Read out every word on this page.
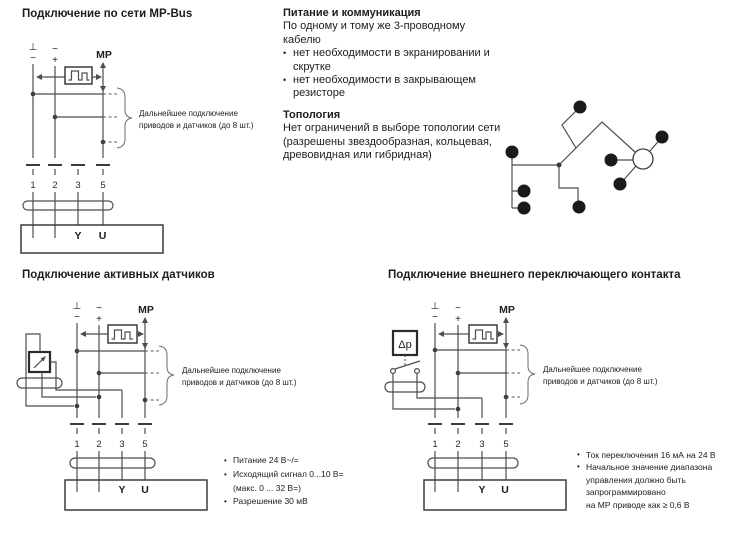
⊥
−
~
+	MP
Дальнейшее подключение
приводов и датчиков (до 8 шт.)
1 2 3 5
Y U
⊥
−
~
+
MP
Дальнейшее подключение
приводов и датчиков (до 8 шт.)
1 2 3 5
Y U
⊥
−
~
+
MP
Дальнейшее подключение
приводов и датчиков (до 8 шт.)
Δp
1 2 3 5
Y U
Подключение по сети MP-Bus	Питание и коммуникация
По одному и тому же 3-проводному
кабелю
• нет необходимости в экранировании и
скрутке
• нет необходимости в закрывающем
резисторе
Топология
Нет ограничений в выборе топологии сети
(разрешены звездообразная, кольцевая,
древовидная или гибридная)
Подключение активных датчиков	Подключение внешнего переключающего контакта
• Питание 24 В~/=
• Исходящий сигнал 0...10 В=
(макс. 0 ... 32 В=)
• Разрешение 30 мВ
• Ток переключения 16 мА на 24 В
• Начальное значение диапазона
управления должно быть
запрограммировано
на МР приводе как ≥ 0,6 В
